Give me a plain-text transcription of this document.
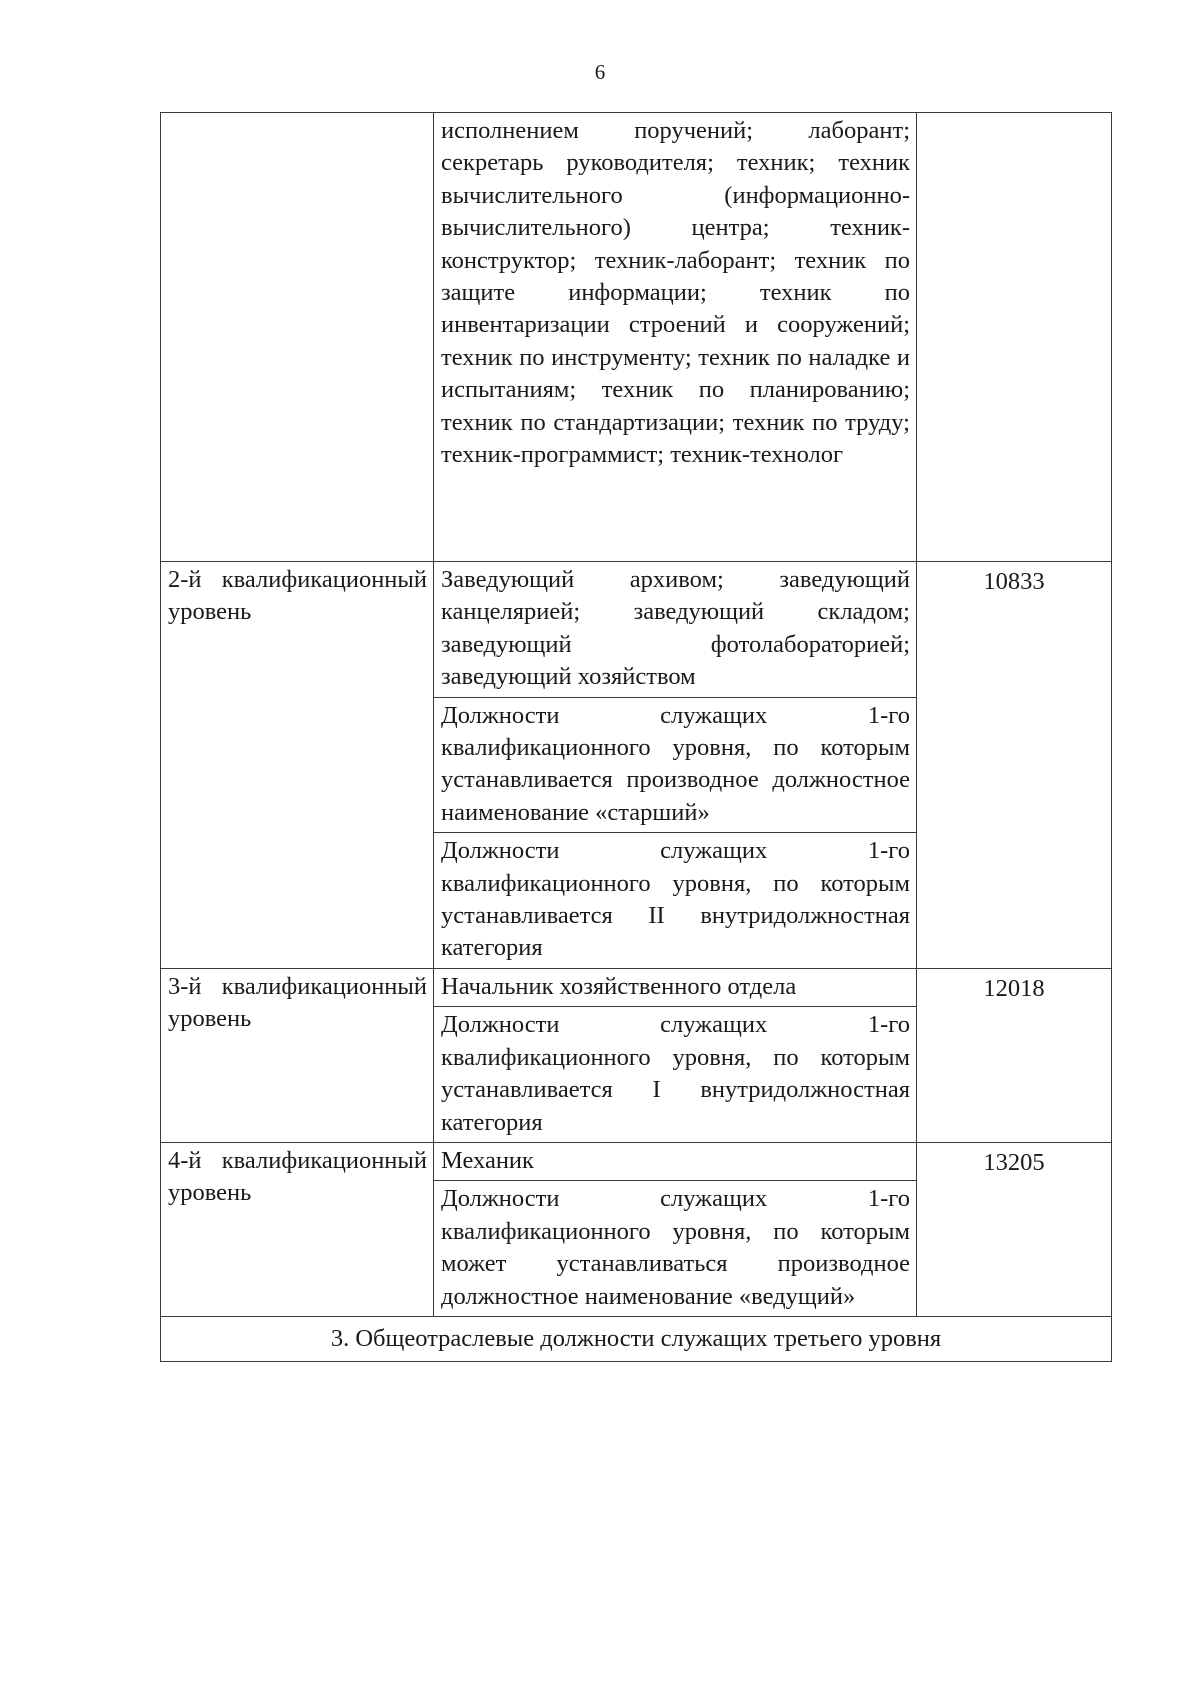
6
	исполнением поручений; лаборант; секретарь руководителя; техник; техник вычислительного (информационно-вычислительного) центра; техник-конструктор; техник-лаборант; техник по защите информации; техник по инвентаризации строений и сооружений; техник по инструменту; техник по наладке и испытаниям; техник по планированию; техник по стандартизации; техник по труду; техник-программист; техник-технолог	
2-й квалификационный уровень	Заведующий архивом; заведующий канцелярией; заведующий складом; заведующий фотолабораторией; заведующий хозяйством	10833
	Должности служащих 1-го квалификационного уровня, по которым устанавливается производное должностное наименование «старший»	
	Должности служащих 1-го квалификационного уровня, по которым устанавливается II внутридолжностная категория	
3-й квалификационный уровень	Начальник хозяйственного отдела	12018
	Должности служащих 1-го квалификационного уровня, по которым устанавливается I внутридолжностная категория	
4-й квалификационный уровень	Механик	13205
	Должности служащих 1-го квалификационного уровня, по которым может устанавливаться производное должностное наименование «ведущий»	
3. Общеотраслевые должности служащих третьего уровня		
